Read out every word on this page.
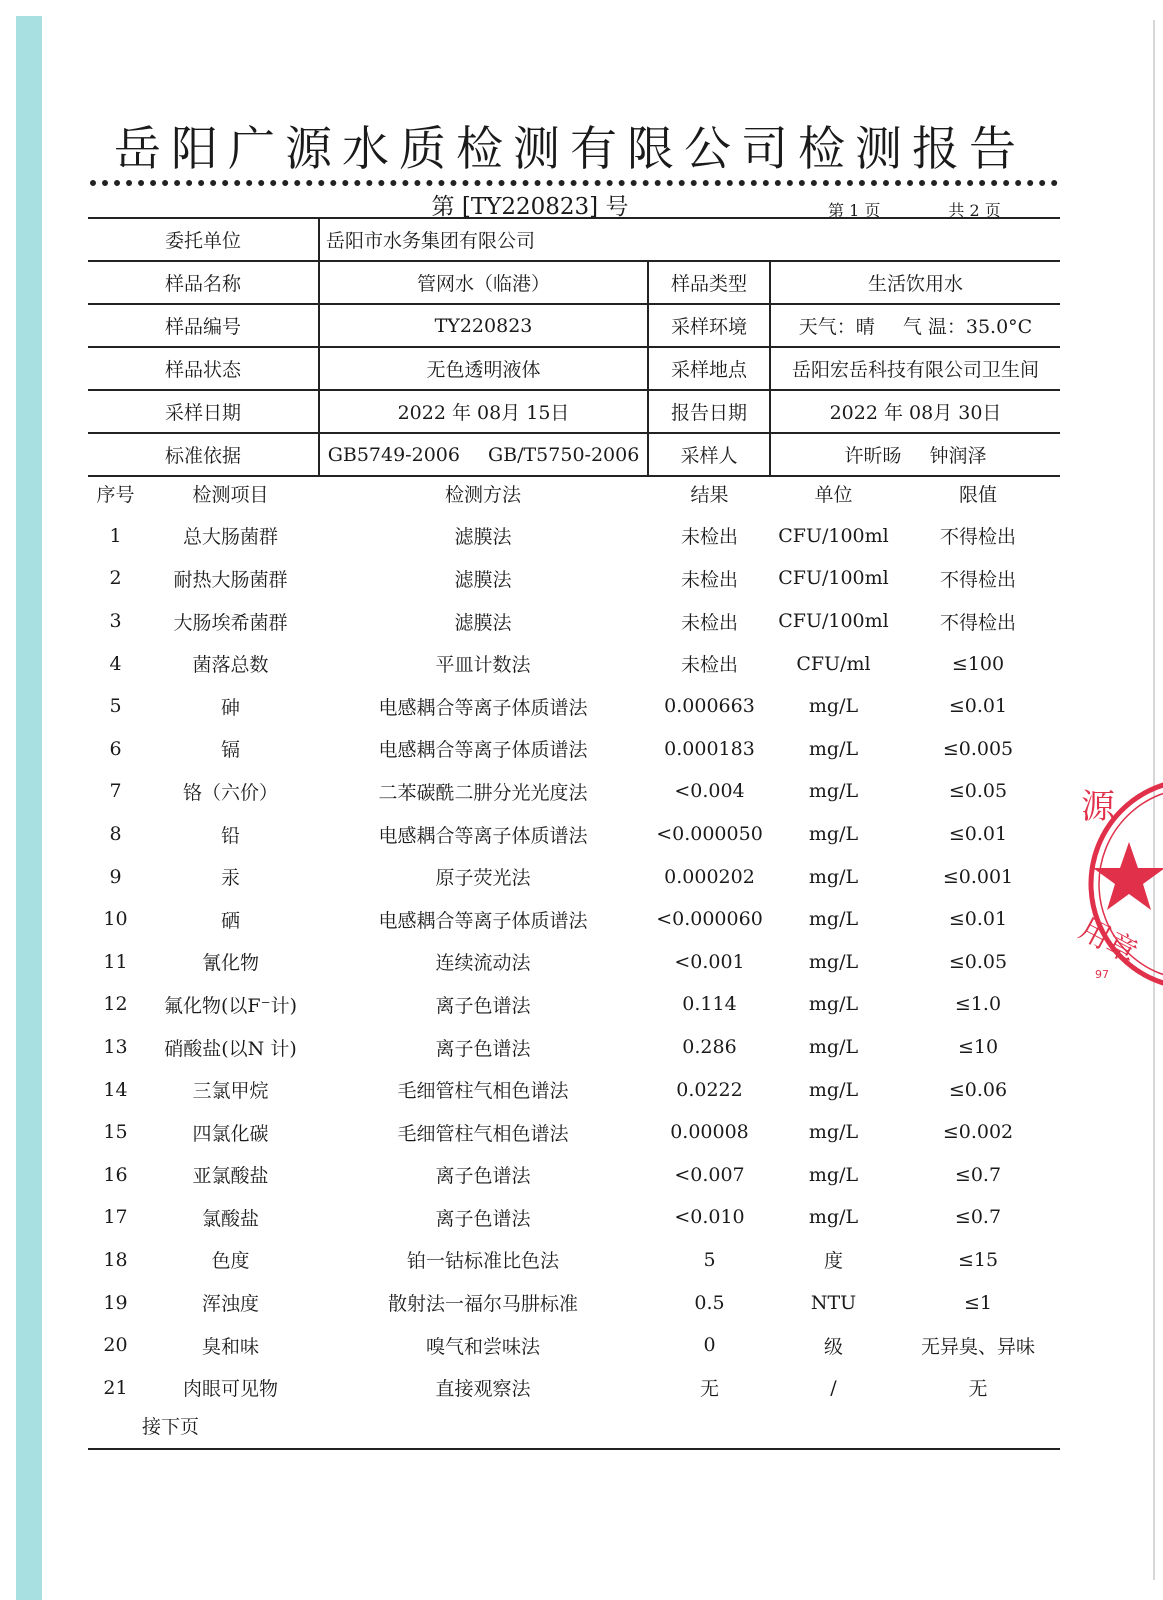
岳阳广源水质检测有限公司检测报告
第 [TY220823] 号	第 1 页	共 2 页
委托单位	岳阳市水务集团有限公司		
样品名称	管网水（临港）	样品类型	生活饮用水
样品编号	TY220823	采样环境	天气：晴 气 温：35.0°C
样品状态	无色透明液体	采样地点	岳阳宏岳科技有限公司卫生间
采样日期	2022 年 08月 15日	报告日期	2022 年 08月 30日
标准依据	GB5749-2006 GB/T5750-2006	采样人	许昕旸 钟润泽
序号	检测项目	检测方法	结果	单位	限值
1	总大肠菌群	滤膜法	未检出	CFU/100ml	不得检出
2	耐热大肠菌群	滤膜法	未检出	CFU/100ml	不得检出
3	大肠埃希菌群	滤膜法	未检出	CFU/100ml	不得检出
4	菌落总数	平皿计数法	未检出	CFU/ml	≤100
5	砷	电感耦合等离子体质谱法	0.000663	mg/L	≤0.01
6	镉	电感耦合等离子体质谱法	0.000183	mg/L	≤0.005
7	铬（六价）	二苯碳酰二肼分光光度法	<0.004	mg/L	≤0.05
8	铅	电感耦合等离子体质谱法	<0.000050	mg/L	≤0.01
9	汞	原子荧光法	0.000202	mg/L	≤0.001
10	硒	电感耦合等离子体质谱法	<0.000060	mg/L	≤0.01
11	氰化物	连续流动法	<0.001	mg/L	≤0.05
12	氟化物(以F⁻计)	离子色谱法	0.114	mg/L	≤1.0
13	硝酸盐(以N 计)	离子色谱法	0.286	mg/L	≤10
14	三氯甲烷	毛细管柱气相色谱法	0.0222	mg/L	≤0.06
15	四氯化碳	毛细管柱气相色谱法	0.00008	mg/L	≤0.002
16	亚氯酸盐	离子色谱法	<0.007	mg/L	≤0.7
17	氯酸盐	离子色谱法	<0.010	mg/L	≤0.7
18	色度	铂一钴标准比色法	5	度	≤15
19	浑浊度	散射法一福尔马肼标准	0.5	NTU	≤1
20	臭和味	嗅气和尝味法	0	级	无异臭、异味
21	肉眼可见物	直接观察法	无	/	无
接下页
源
用章
97
